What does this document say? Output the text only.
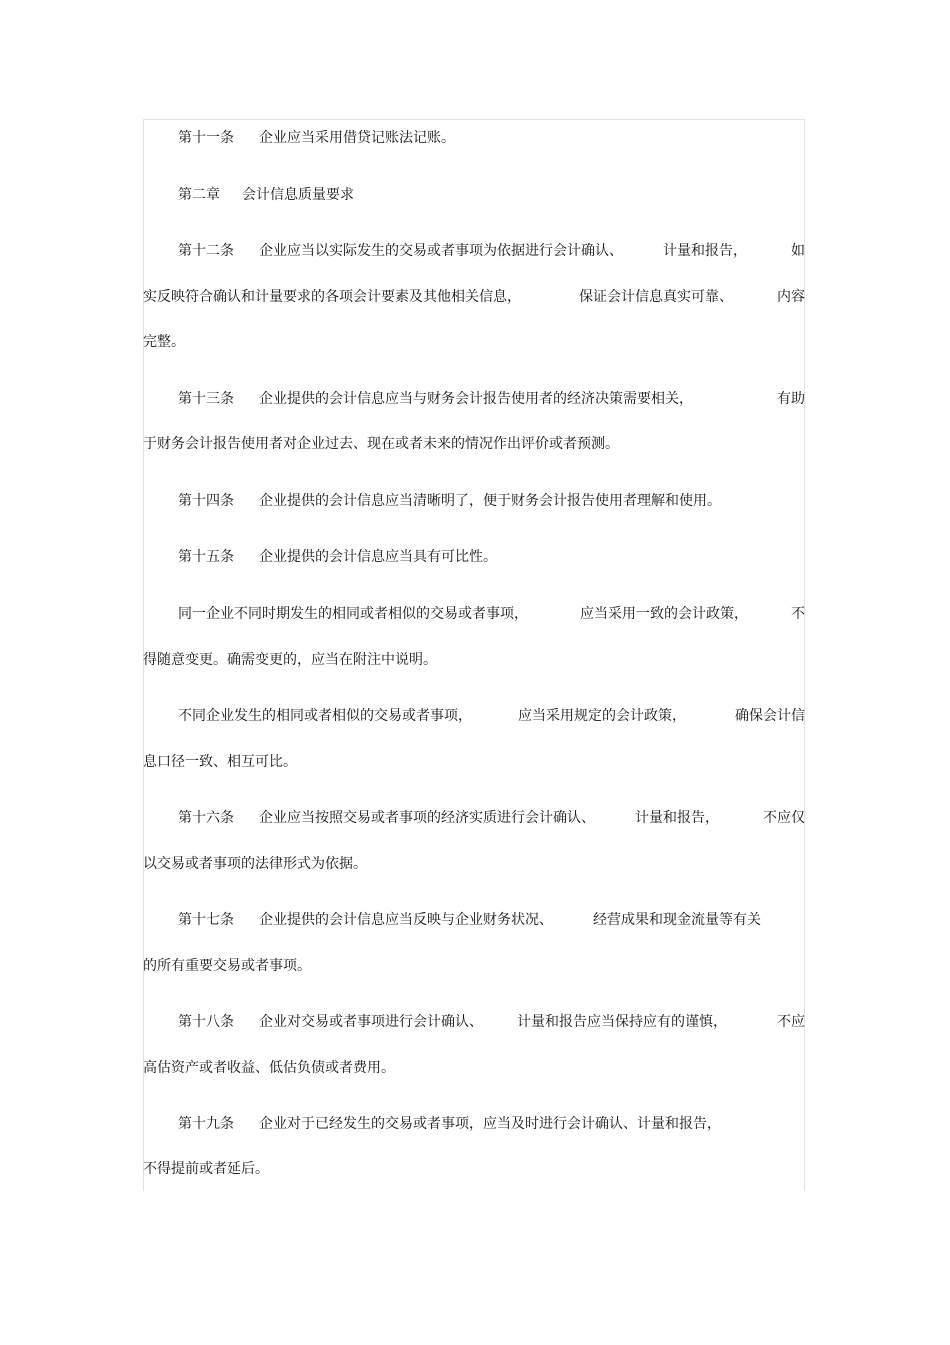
第十一条 企业应当采用借贷记账法记账。
第二章 会计信息质量要求
第十二条 企业应当以实际发生的交易或者事项为依据进行会计确认、	计量和报告，	如
实反映符合确认和计量要求的各项会计要素及其他相关信息，	保证会计信息真实可靠、	内容
完整。
第十三条 企业提供的会计信息应当与财务会计报告使用者的经济决策需要相关，	有助
于财务会计报告使用者对企业过去、现在或者未来的情况作出评价或者预测。
第十四条 企业提供的会计信息应当清晰明了，便于财务会计报告使用者理解和使用。
第十五条 企业提供的会计信息应当具有可比性。
同一企业不同时期发生的相同或者相似的交易或者事项，	应当采用一致的会计政策，	不
得随意变更。确需变更的，应当在附注中说明。
不同企业发生的相同或者相似的交易或者事项，	应当采用规定的会计政策，	确保会计信
息口径一致、相互可比。
第十六条 企业应当按照交易或者事项的经济实质进行会计确认、	计量和报告，	不应仅
以交易或者事项的法律形式为依据。
第十七条 企业提供的会计信息应当反映与企业财务状况、	经营成果和现金流量等有关
的所有重要交易或者事项。
第十八条 企业对交易或者事项进行会计确认、 计量和报告应当保持应有的谨慎，	不应
高估资产或者收益、低估负债或者费用。
第十九条 企业对于已经发生的交易或者事项，应当及时进行会计确认、计量和报告，
不得提前或者延后。
